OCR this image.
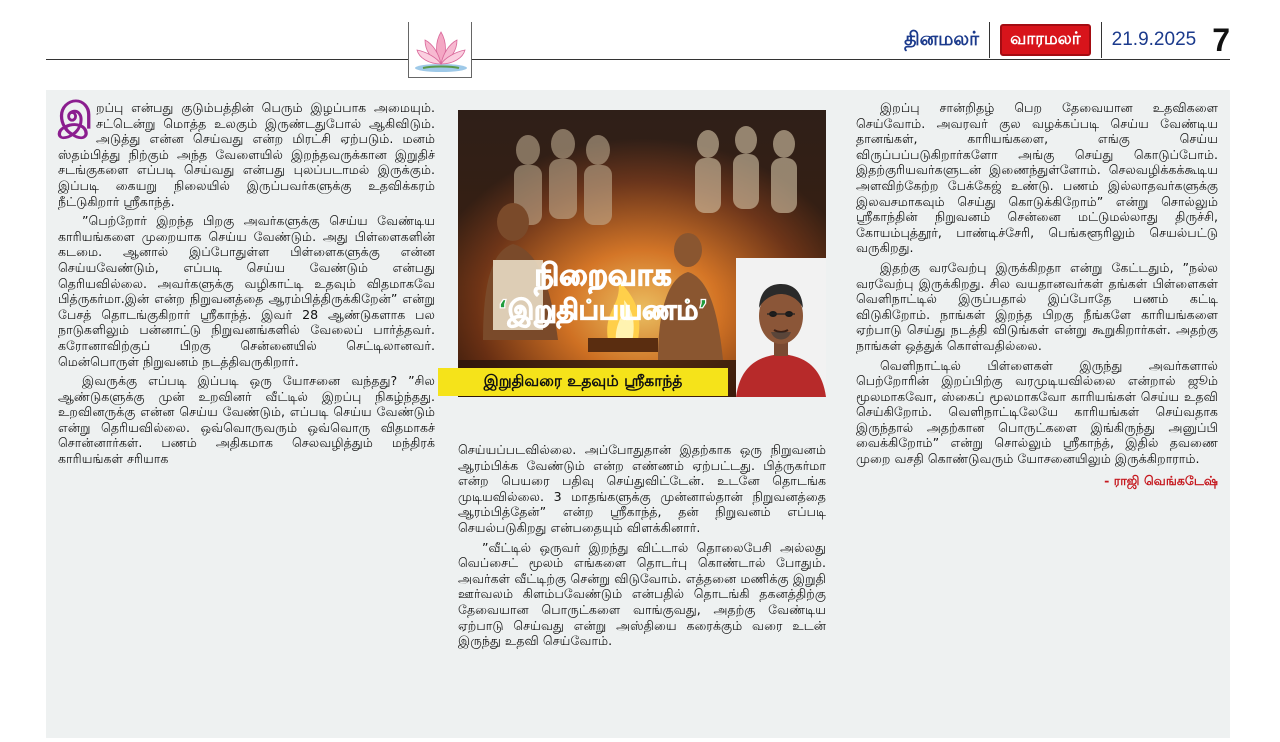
தினமலர்	வாரமலர்	21.9.2025 7

இறப்பு என்பது குடும்பத்தின் பெரும் இழப்பாக அமையும். சட்டென்று மொத்த உலகும் இருண்டதுபோல் ஆகிவிடும். அடுத்து என்ன செய்வது என்ற மிரட்சி ஏற்படும். மனம் ஸ்தம்பித்து நிற்கும் அந்த வேளையில் இறந்தவருக்கான இறுதிச் சடங்குகளை எப்படி செய்வது என்பது புலப்படாமல் இருக்கும். இப்படி கையறு நிலையில் இருப்பவர்களுக்கு உதவிக்கரம் நீட்டுகிறார் ஸ்ரீகாந்த்.

”பெற்றோர் இறந்த பிறகு அவர்களுக்கு செய்ய வேண்டிய காரியங்களை முறையாக செய்ய வேண்டும். அது பிள்ளைகளின் கடமை. ஆனால் இப்போதுள்ள பிள்ளைகளுக்கு என்ன செய்யவேண்டும், எப்படி செய்ய வேண்டும் என்பது தெரியவில்லை. அவர்களுக்கு வழிகாட்டி உதவும் விதமாகவே பித்ருகர்மா.இன் என்ற நிறுவனத்தை ஆரம்பித்திருக்கிறேன்” என்று பேசத் தொடங்குகிறார் ஸ்ரீகாந்த். இவர் 28 ஆண்டுகளாக பல நாடுகளிலும் பன்னாட்டு நிறுவனங்களில் வேலைப் பார்த்தவர். கரோனாவிற்குப் பிறகு சென்னையில் செட்டிலானவர். மென்பொருள் நிறுவனம் நடத்திவருகிறார்.

இவருக்கு எப்படி இப்படி ஒரு யோசனை வந்தது? ”சில ஆண்டுகளுக்கு முன் உறவினர் வீட்டில் இறப்பு நிகழ்ந்தது. உறவினருக்கு என்ன செய்ய வேண்டும், எப்படி செய்ய வேண்டும் என்று தெரியவில்லை. ஒவ்வொருவரும் ஒவ்வொரு விதமாகச் சொன்னார்கள். பணம் அதிகமாக செலவழித்தும் மந்திரக் காரியங்கள் சரியாக

நிறைவாக
‘இறுதிப்பயணம்’
இறுதிவரை உதவும் ஸ்ரீகாந்த்

செய்யப்படவில்லை. அப்போதுதான் இதற்காக ஒரு நிறுவனம் ஆரம்பிக்க வேண்டும் என்ற எண்ணம் ஏற்பட்டது. பித்ருகர்மா என்ற பெயரை பதிவு செய்துவிட்டேன். உடனே தொடங்க முடியவில்லை. 3 மாதங்களுக்கு முன்னால்தான் நிறுவனத்தை ஆரம்பித்தேன்” என்ற ஸ்ரீகாந்த், தன் நிறுவனம் எப்படி செயல்படுகிறது என்பதையும் விளக்கினார்.

”வீட்டில் ஒருவர் இறந்து விட்டால் தொலைபேசி அல்லது வெப்சைட் மூலம் எங்களை தொடர்பு கொண்டால் போதும். அவர்கள் வீட்டிற்கு சென்று விடுவோம். எத்தனை மணிக்கு இறுதி ஊர்வலம் கிளம்பவேண்டும் என்பதில் தொடங்கி தகனத்திற்கு தேவையான பொருட்களை வாங்குவது, அதற்கு வேண்டிய ஏற்பாடு செய்வது என்று அஸ்தியை கரைக்கும் வரை உடன் இருந்து உதவி செய்வோம்.

இறப்பு சான்றிதழ் பெற தேவையான உதவிகளை செய்வோம். அவரவர் குல வழக்கப்படி செய்ய வேண்டிய தானங்கள், காரியங்களை, எங்கு செய்ய விருப்பப்படுகிறார்களோ அங்கு செய்து கொடுப்போம். இதற்குரியவர்களுடன் இணைந்துள்ளோம். செலவழிக்கக்கூடிய அளவிற்கேற்ற பேக்கேஜ் உண்டு. பணம் இல்லாதவர்களுக்கு இலவசமாகவும் செய்து கொடுக்கிறோம்” என்று சொல்லும் ஸ்ரீகாந்தின் நிறுவனம் சென்னை மட்டுமல்லாது திருச்சி, கோயம்புத்தூர், பாண்டிச்சேரி, பெங்களூரிலும் செயல்பட்டு வருகிறது.

இதற்கு வரவேற்பு இருக்கிறதா என்று கேட்டதும், ”நல்ல வரவேற்பு இருக்கிறது. சில வயதானவர்கள் தங்கள் பிள்ளைகள் வெளிநாட்டில் இருப்பதால் இப்போதே பணம் கட்டி விடுகிறோம். நாங்கள் இறந்த பிறகு நீங்களே காரியங்களை ஏற்பாடு செய்து நடத்தி விடுங்கள் என்று கூறுகிறார்கள். அதற்கு நாங்கள் ஒத்துக் கொள்வதில்லை.

வெளிநாட்டில் பிள்ளைகள் இருந்து அவர்களால் பெற்றோரின் இறப்பிற்கு வரமுடியவில்லை என்றால் ஜூம் மூலமாகவோ, ஸ்கைப் மூலமாகவோ காரியங்கள் செய்ய உதவி செய்கிறோம். வெளிநாட்டிலேயே காரியங்கள் செய்வதாக இருந்தால் அதற்கான பொருட்களை இங்கிருந்து அனுப்பி வைக்கிறோம்” என்று சொல்லும் ஸ்ரீகாந்த், இதில் தவணை முறை வசதி கொண்டுவரும் யோசனையிலும் இருக்கிறாராம்.

- ராஜி வெங்கடேஷ்
